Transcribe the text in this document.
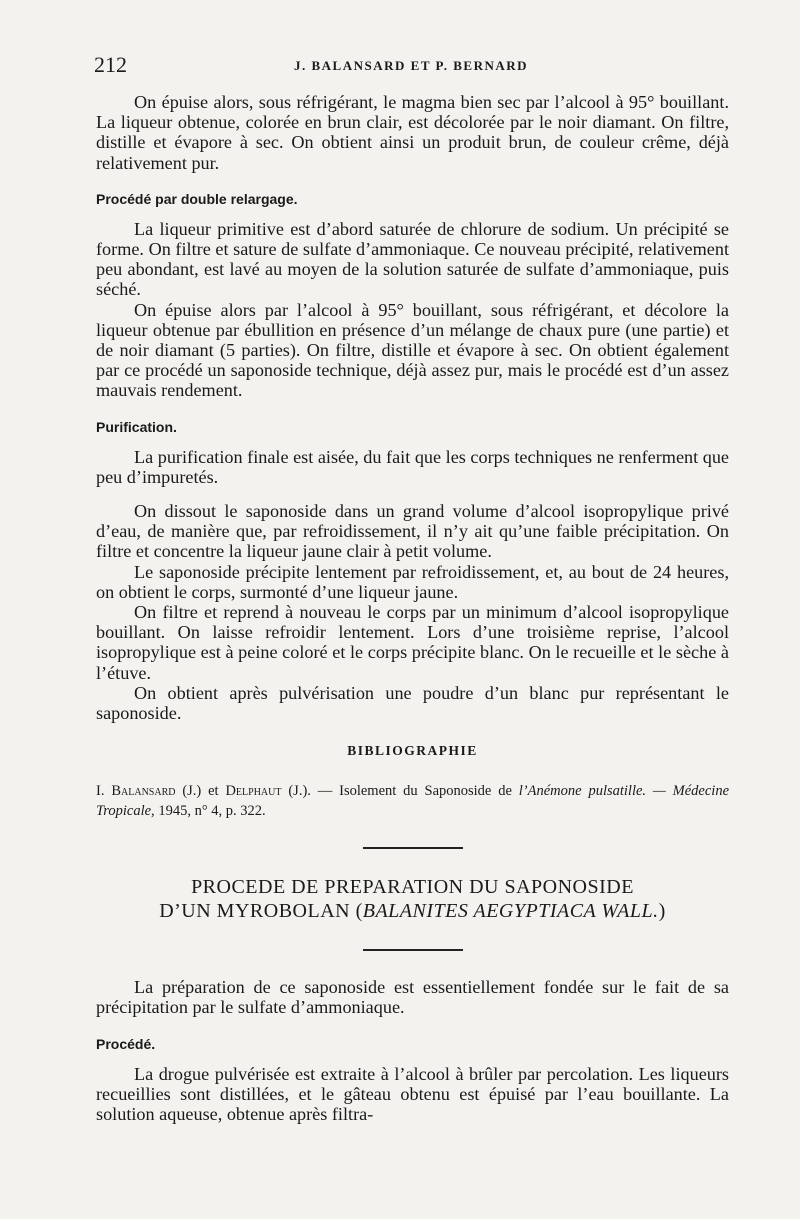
212	J. BALANSARD ET P. BERNARD

On épuise alors, sous réfrigérant, le magma bien sec par l’alcool à 95° bouillant. La liqueur obtenue, colorée en brun clair, est décolorée par le noir diamant. On filtre, distille et évapore à sec. On obtient ainsi un produit brun, de couleur crême, déjà relativement pur.

Procédé par double relargage.

La liqueur primitive est d’abord saturée de chlorure de sodium. Un précipité se forme. On filtre et sature de sulfate d’ammoniaque. Ce nouveau précipité, relativement peu abondant, est lavé au moyen de la solution saturée de sulfate d’ammoniaque, puis séché.

On épuise alors par l’alcool à 95° bouillant, sous réfrigérant, et décolore la liqueur obtenue par ébullition en présence d’un mélange de chaux pure (une partie) et de noir diamant (5 parties). On filtre, distille et évapore à sec. On obtient également par ce procédé un saponoside technique, déjà assez pur, mais le procédé est d’un assez mauvais rendement.

Purification.

La purification finale est aisée, du fait que les corps techniques ne renferment que peu d’impuretés.

On dissout le saponoside dans un grand volume d’alcool isopropylique privé d’eau, de manière que, par refroidissement, il n’y ait qu’une faible précipitation. On filtre et concentre la liqueur jaune clair à petit volume.

Le saponoside précipite lentement par refroidissement, et, au bout de 24 heures, on obtient le corps, surmonté d’une liqueur jaune.

On filtre et reprend à nouveau le corps par un minimum d’alcool isopropylique bouillant. On laisse refroidir lentement. Lors d’une troisième reprise, l’alcool isopropylique est à peine coloré et le corps précipite blanc. On le recueille et le sèche à l’étuve.

On obtient après pulvérisation une poudre d’un blanc pur représentant le saponoside.

BIBLIOGRAPHIE

I. Balansard (J.) et Delphaut (J.). — Isolement du Saponoside de l’Anémone pulsatille. — Médecine Tropicale, 1945, n° 4, p. 322.

PROCEDE DE PREPARATION DU SAPONOSIDE
D’UN MYROBOLAN (BALANITES AEGYPTIACA WALL.)

La préparation de ce saponoside est essentiellement fondée sur le fait de sa précipitation par le sulfate d’ammoniaque.

Procédé.

La drogue pulvérisée est extraite à l’alcool à brûler par percolation. Les liqueurs recueillies sont distillées, et le gâteau obtenu est épuisé par l’eau bouillante. La solution aqueuse, obtenue après filtra-
